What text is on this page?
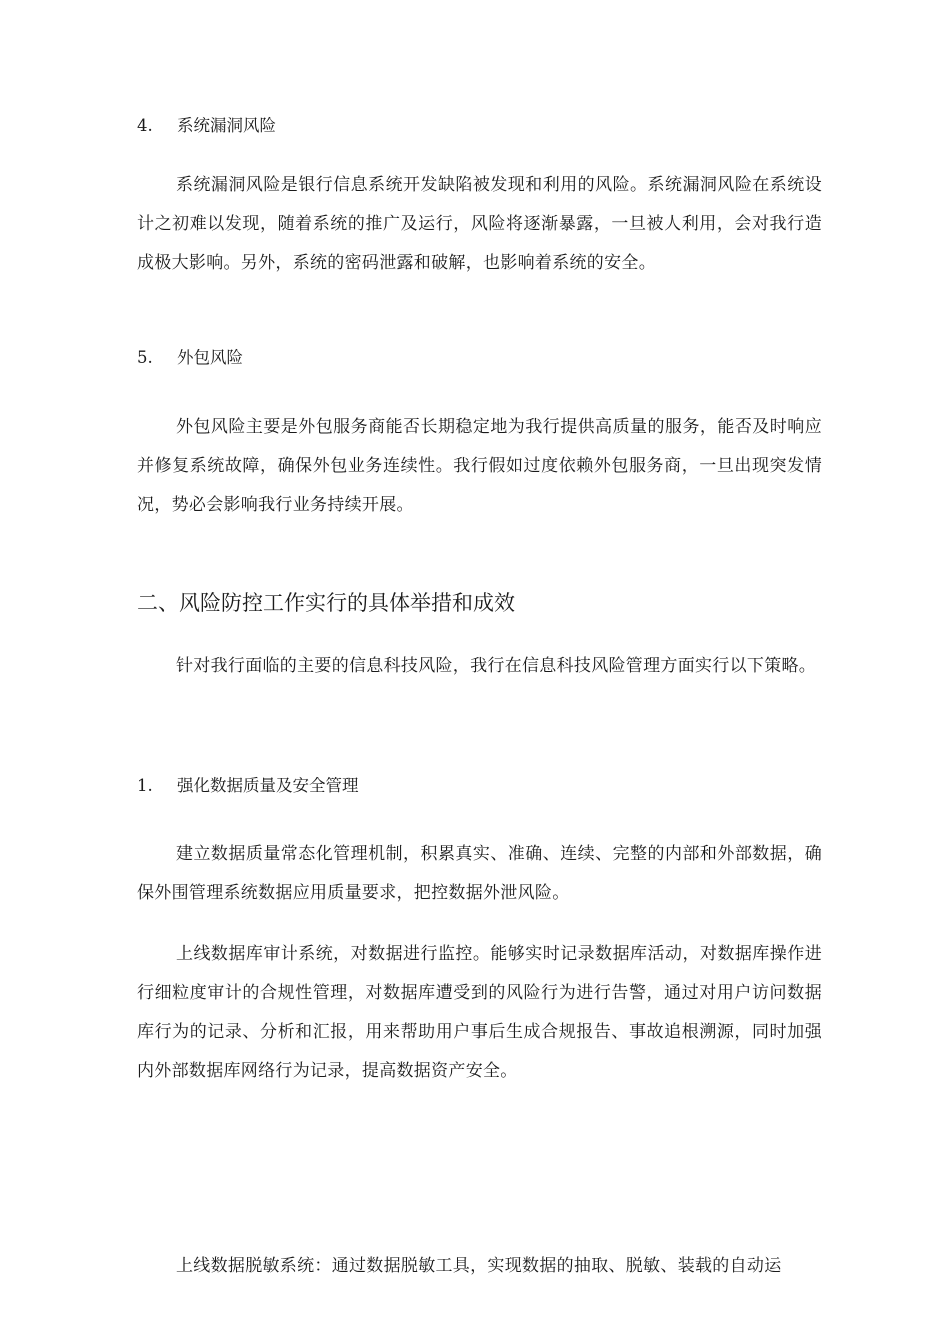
4. 系统漏洞风险
系统漏洞风险是银行信息系统开发缺陷被发现和利用的风险。系统漏洞风险在系统设计之初难以发现，随着系统的推广及运行，风险将逐渐暴露，一旦被人利用，会对我行造成极大影响。另外，系统的密码泄露和破解，也影响着系统的安全。
5. 外包风险
外包风险主要是外包服务商能否长期稳定地为我行提供高质量的服务，能否及时响应并修复系统故障，确保外包业务连续性。我行假如过度依赖外包服务商，一旦出现突发情况，势必会影响我行业务持续开展。
二、风险防控工作实行的具体举措和成效
针对我行面临的主要的信息科技风险，我行在信息科技风险管理方面实行以下策略。
1. 强化数据质量及安全管理
建立数据质量常态化管理机制，积累真实、准确、连续、完整的内部和外部数据，确保外围管理系统数据应用质量要求，把控数据外泄风险。
上线数据库审计系统，对数据进行监控。能够实时记录数据库活动，对数据库操作进行细粒度审计的合规性管理，对数据库遭受到的风险行为进行告警，通过对用户访问数据库行为的记录、分析和汇报，用来帮助用户事后生成合规报告、事故追根溯源，同时加强内外部数据库网络行为记录，提高数据资产安全。
上线数据脱敏系统：通过数据脱敏工具，实现数据的抽取、脱敏、装载的自动运
